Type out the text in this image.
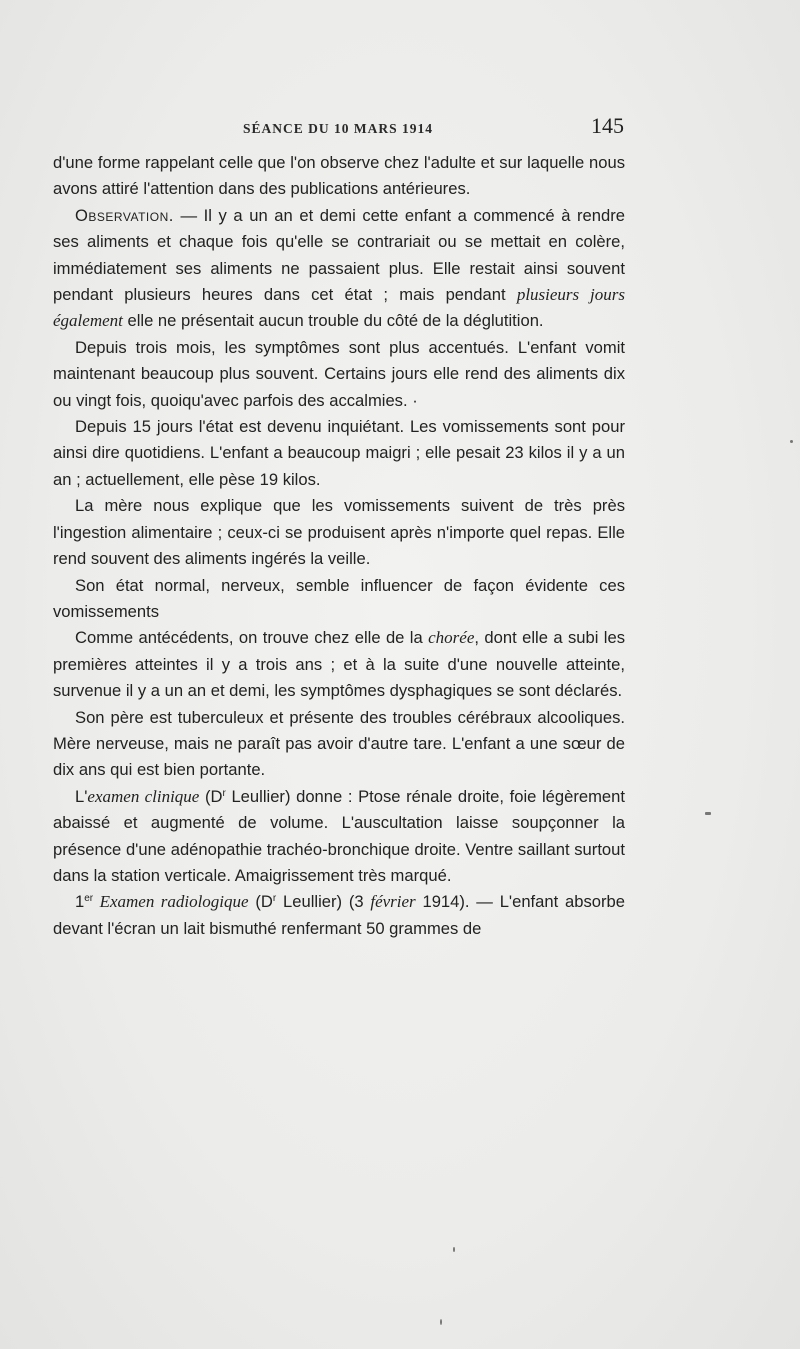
SÉANCE DU 10 MARS 1914	145

d'une forme rappelant celle que l'on observe chez l'adulte et sur laquelle nous avons attiré l'attention dans des publications antérieures.

Observation. — Il y a un an et demi cette enfant a commencé à rendre ses aliments et chaque fois qu'elle se contrariait ou se mettait en colère, immédiatement ses aliments ne passaient plus. Elle restait ainsi souvent pendant plusieurs heures dans cet état ; mais pendant plusieurs jours également elle ne présentait aucun trouble du côté de la déglutition.

Depuis trois mois, les symptômes sont plus accentués. L'enfant vomit maintenant beaucoup plus souvent. Certains jours elle rend des aliments dix ou vingt fois, quoiqu'avec parfois des accalmies. ·

Depuis 15 jours l'état est devenu inquiétant. Les vomissements sont pour ainsi dire quotidiens. L'enfant a beaucoup maigri ; elle pesait 23 kilos il y a un an ; actuellement, elle pèse 19 kilos.

La mère nous explique que les vomissements suivent de très près l'ingestion alimentaire ; ceux-ci se produisent après n'importe quel repas. Elle rend souvent des aliments ingérés la veille.

Son état normal, nerveux, semble influencer de façon évidente ces vomissements

Comme antécédents, on trouve chez elle de la chorée, dont elle a subi les premières atteintes il y a trois ans ; et à la suite d'une nouvelle atteinte, survenue il y a un an et demi, les symptômes dysphagiques se sont déclarés.

Son père est tuberculeux et présente des troubles cérébraux alcooliques. Mère nerveuse, mais ne paraît pas avoir d'autre tare. L'enfant a une sœur de dix ans qui est bien portante.

L'examen clinique ($D^r$ Leullier) donne : Ptose rénale droite, foie légèrement abaissé et augmenté de volume. L'auscultation laisse soupçonner la présence d'une adénopathie trachéo-bronchique droite. Ventre saillant surtout dans la station verticale. Amaigrissement très marqué.

1er Examen radiologique ($D^r$ Leullier) (3 février 1914). — L'enfant absorbe devant l'écran un lait bismuthé renfermant 50 grammes de
